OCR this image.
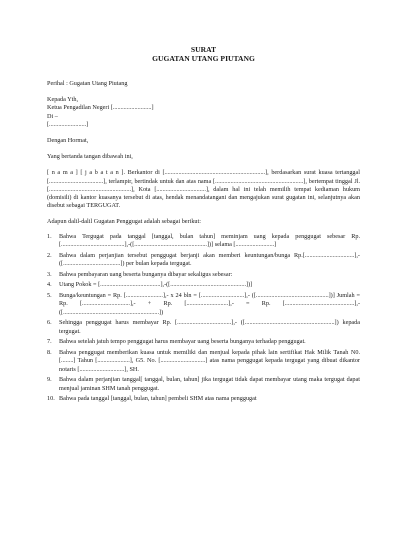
SURAT
GUGATAN UTANG PIUTANG

Perihal : Gugatan Utang Piutang

Kepada Yth,

Ketua Pengadilan Negeri [.........................]

Di –

[........................]

Dengan Hormat,

Yang bertanda tangan dibawah ini,

[ n a m a ] [ j a b a t a n ]. Berkantor di [.................................................................], berdasarkan surat kuasa tertanggal [...................................], terlampir, bertindak untuk dan atas nama [.........................................................], bertempat tinggal Jl. [.....................................................], Kota [................................], dalam hal ini telah memilih tempat kediaman hukum (domisili) di kantor kuasanya tersebut di atas, hendak menandatangani dan mengajukan surat gugatan ini, selanjutnya akan disebut sebagai TERGUGAT.

Adapun dalil-dalil Gugatan Penggugat adalah sebagai berikut:

1. Bahwa Tergugat pada tanggal [tanggal, bulan tahun] meminjam uang kepada penggugat sebesar Rp. [.........................................],-([...............................................])] selama [.........................]
2. Bahwa dalam perjanjian tersebut penggugat berjanji akan memberi keuntungan/bunga Rp.[................................],-([.....................................]) per bulan kepada tergugat.
3. Bahwa pembayaran uang beserta bunganya dibayar sekaligus sebesar:
4. Utang Pokok = [.......................................],-([.................................................])]
5. Bunga/keuntungan = Rp. [........................],- x 24 bln = [............................],- ([...............................................])] Jumlah = Rp. [...............................],- + Rp. [...........................],- = Rp. [.............................................],- ([..............................................................])
6. Sehingga penggugat harus membayar Rp. [...................................],- ([..........................................................]) kepada tergugat.
7. Bahwa setelah jatuh tempo penggugat harus membayar uang beserta bunganya terhadap penggugat.
8. Bahwa penggugat memberikan kuasa untuk memiliki dan menjual kepada pihak lain sertifikat Hak Milik Tanah N0.[........] Tahun [.....................], G5. No. [.............................] atas nama penggugat kepada tergugat yang dibuat dikantor notaris [.............................], SH.
9. Bahwa dalam perjanjian tanggal[ tanggal, bulan, tahun] jika tergugat tidak dapat membayar utang maka tergugat dapat menjual jaminan SHM tanah penggugat.
10. Bahwa pada tanggal [tanggal, bulan, tahun] pembeli SHM atas nama penggugat
